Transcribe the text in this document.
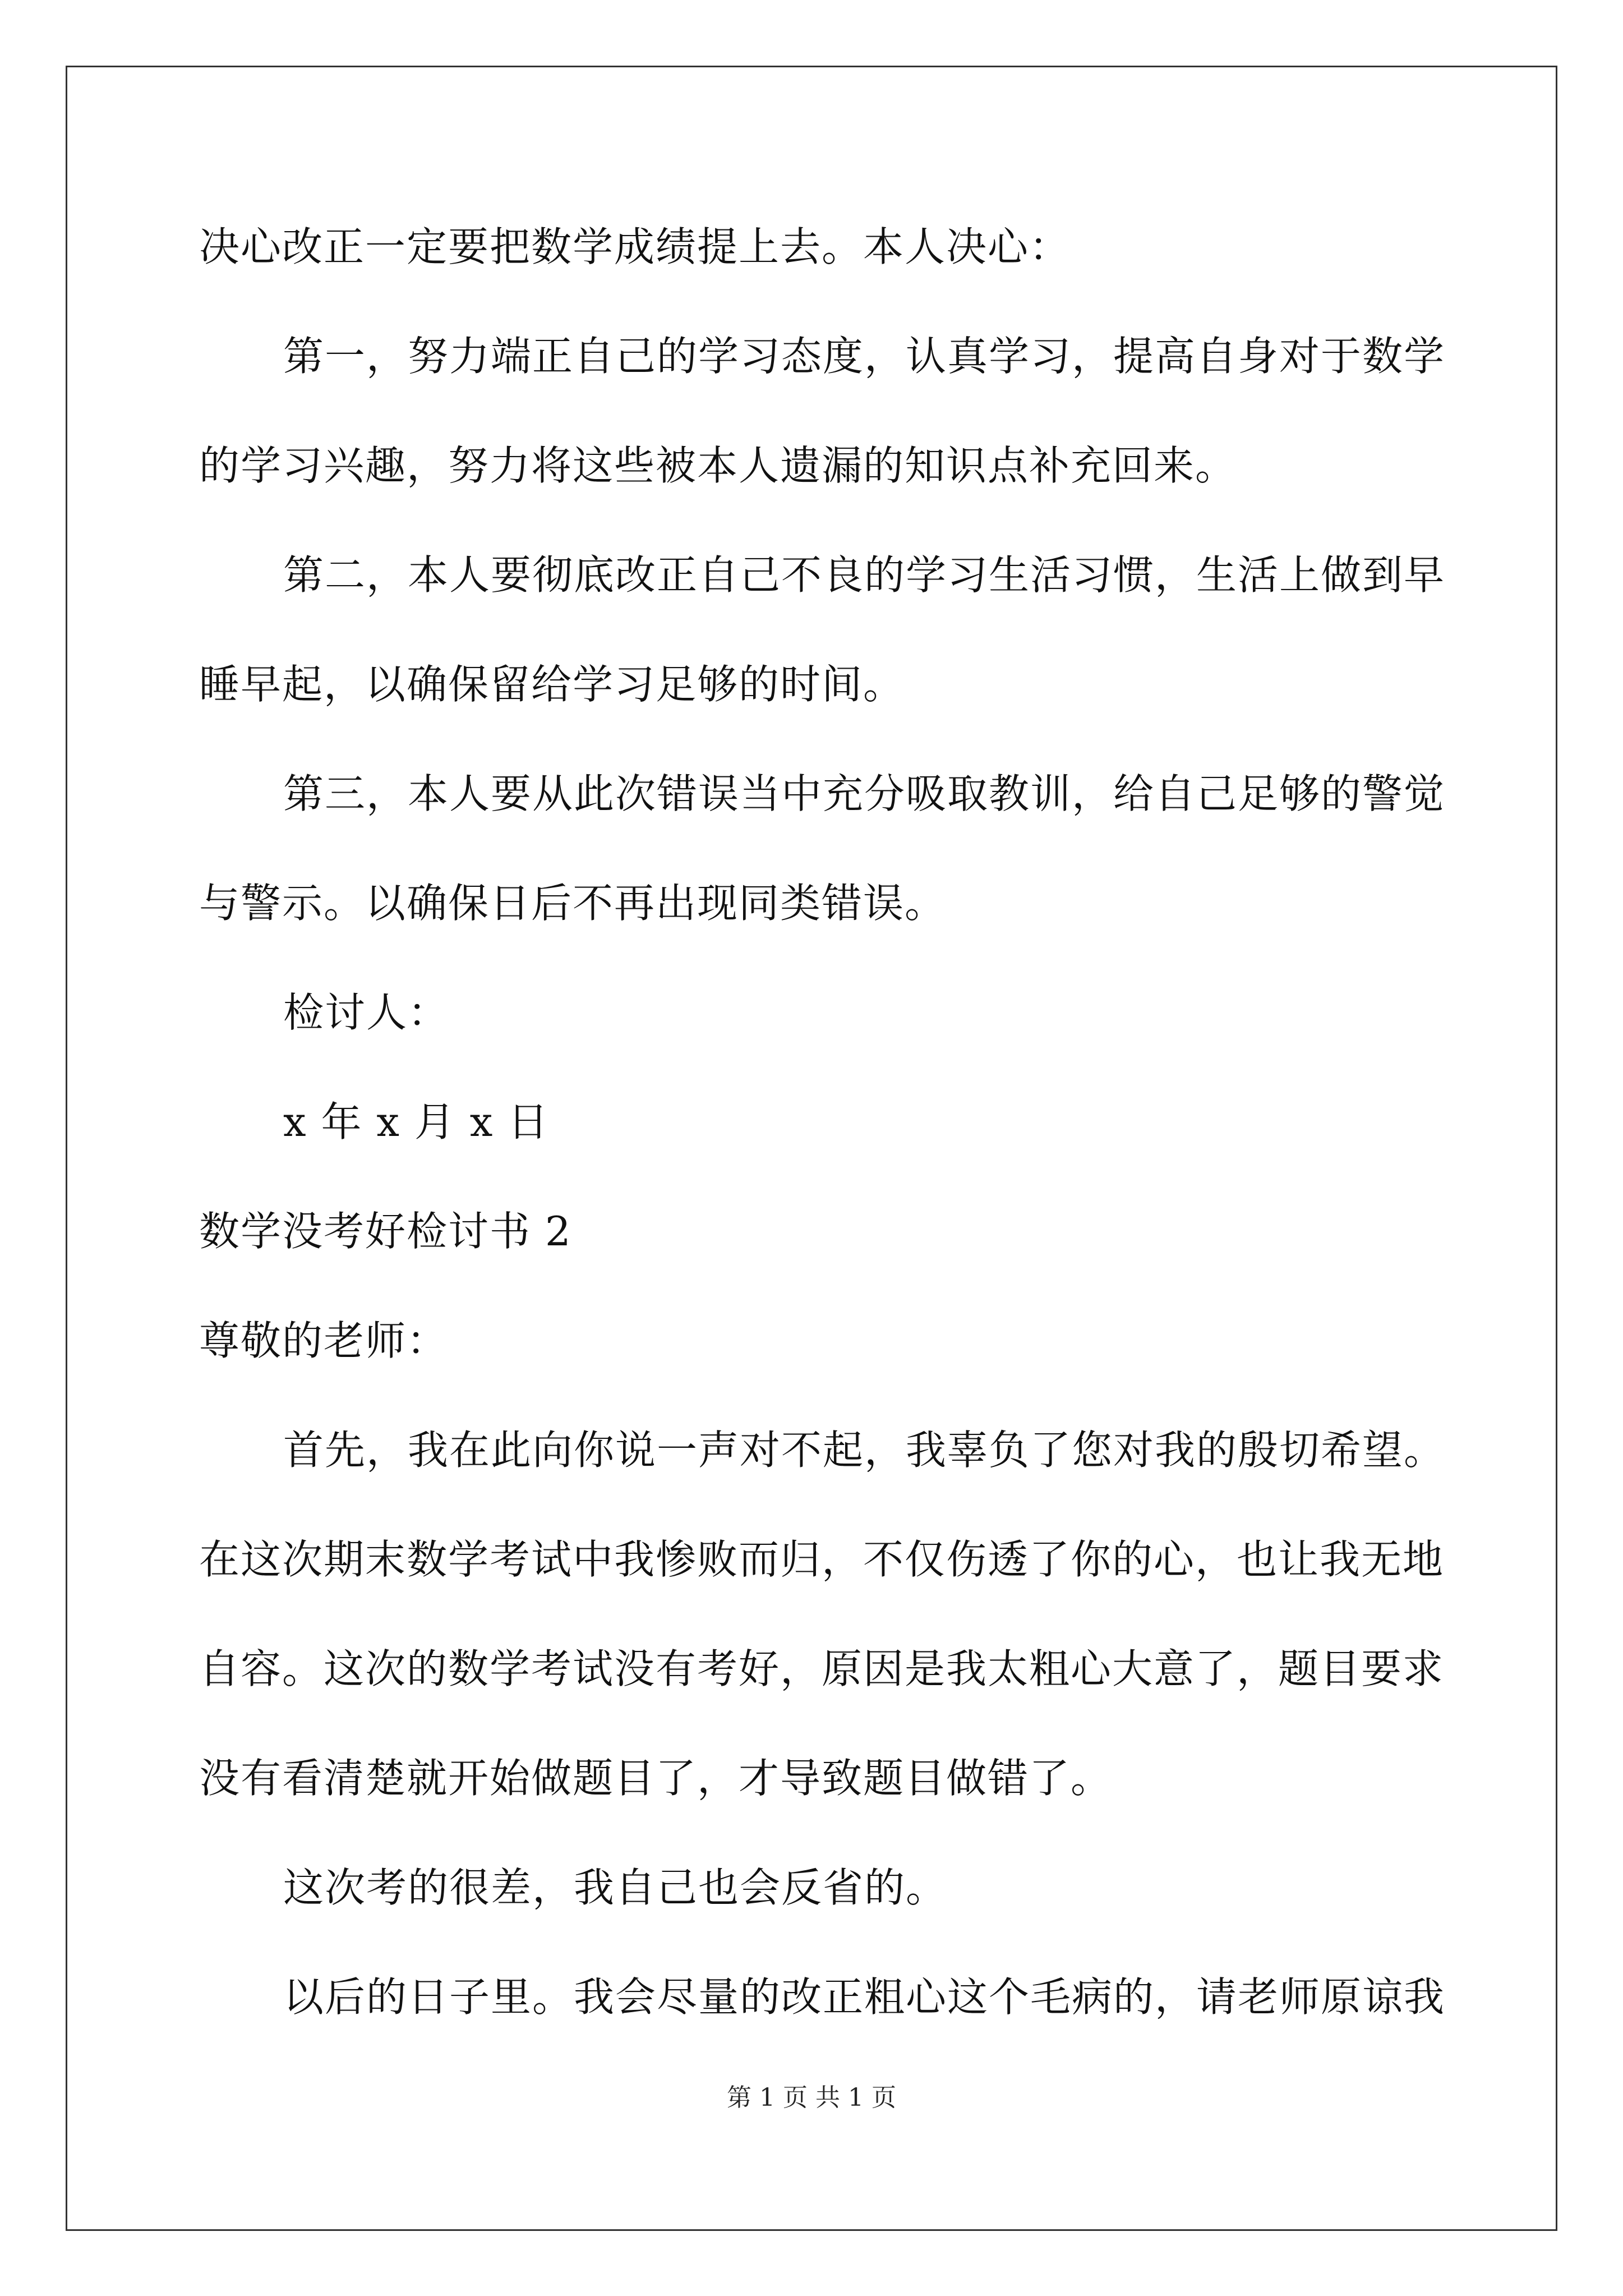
决心改正一定要把数学成绩提上去。本人决心：
第一，努力端正自己的学习态度，认真学习，提高自身对于数学
的学习兴趣，努力将这些被本人遗漏的知识点补充回来。
第二，本人要彻底改正自己不良的学习生活习惯，生活上做到早
睡早起，以确保留给学习足够的时间。
第三，本人要从此次错误当中充分吸取教训，给自己足够的警觉
与警示。以确保日后不再出现同类错误。
检讨人：
x 年 x 月 x 日
数学没考好检讨书 2
尊敬的老师：
首先，我在此向你说一声对不起，我辜负了您对我的殷切希望。
在这次期末数学考试中我惨败而归，不仅伤透了你的心，也让我无地
自容。这次的数学考试没有考好，原因是我太粗心大意了，题目要求
没有看清楚就开始做题目了，才导致题目做错了。
这次考的很差，我自己也会反省的。
以后的日子里。我会尽量的改正粗心这个毛病的，请老师原谅我
第 1 页 共 1 页
